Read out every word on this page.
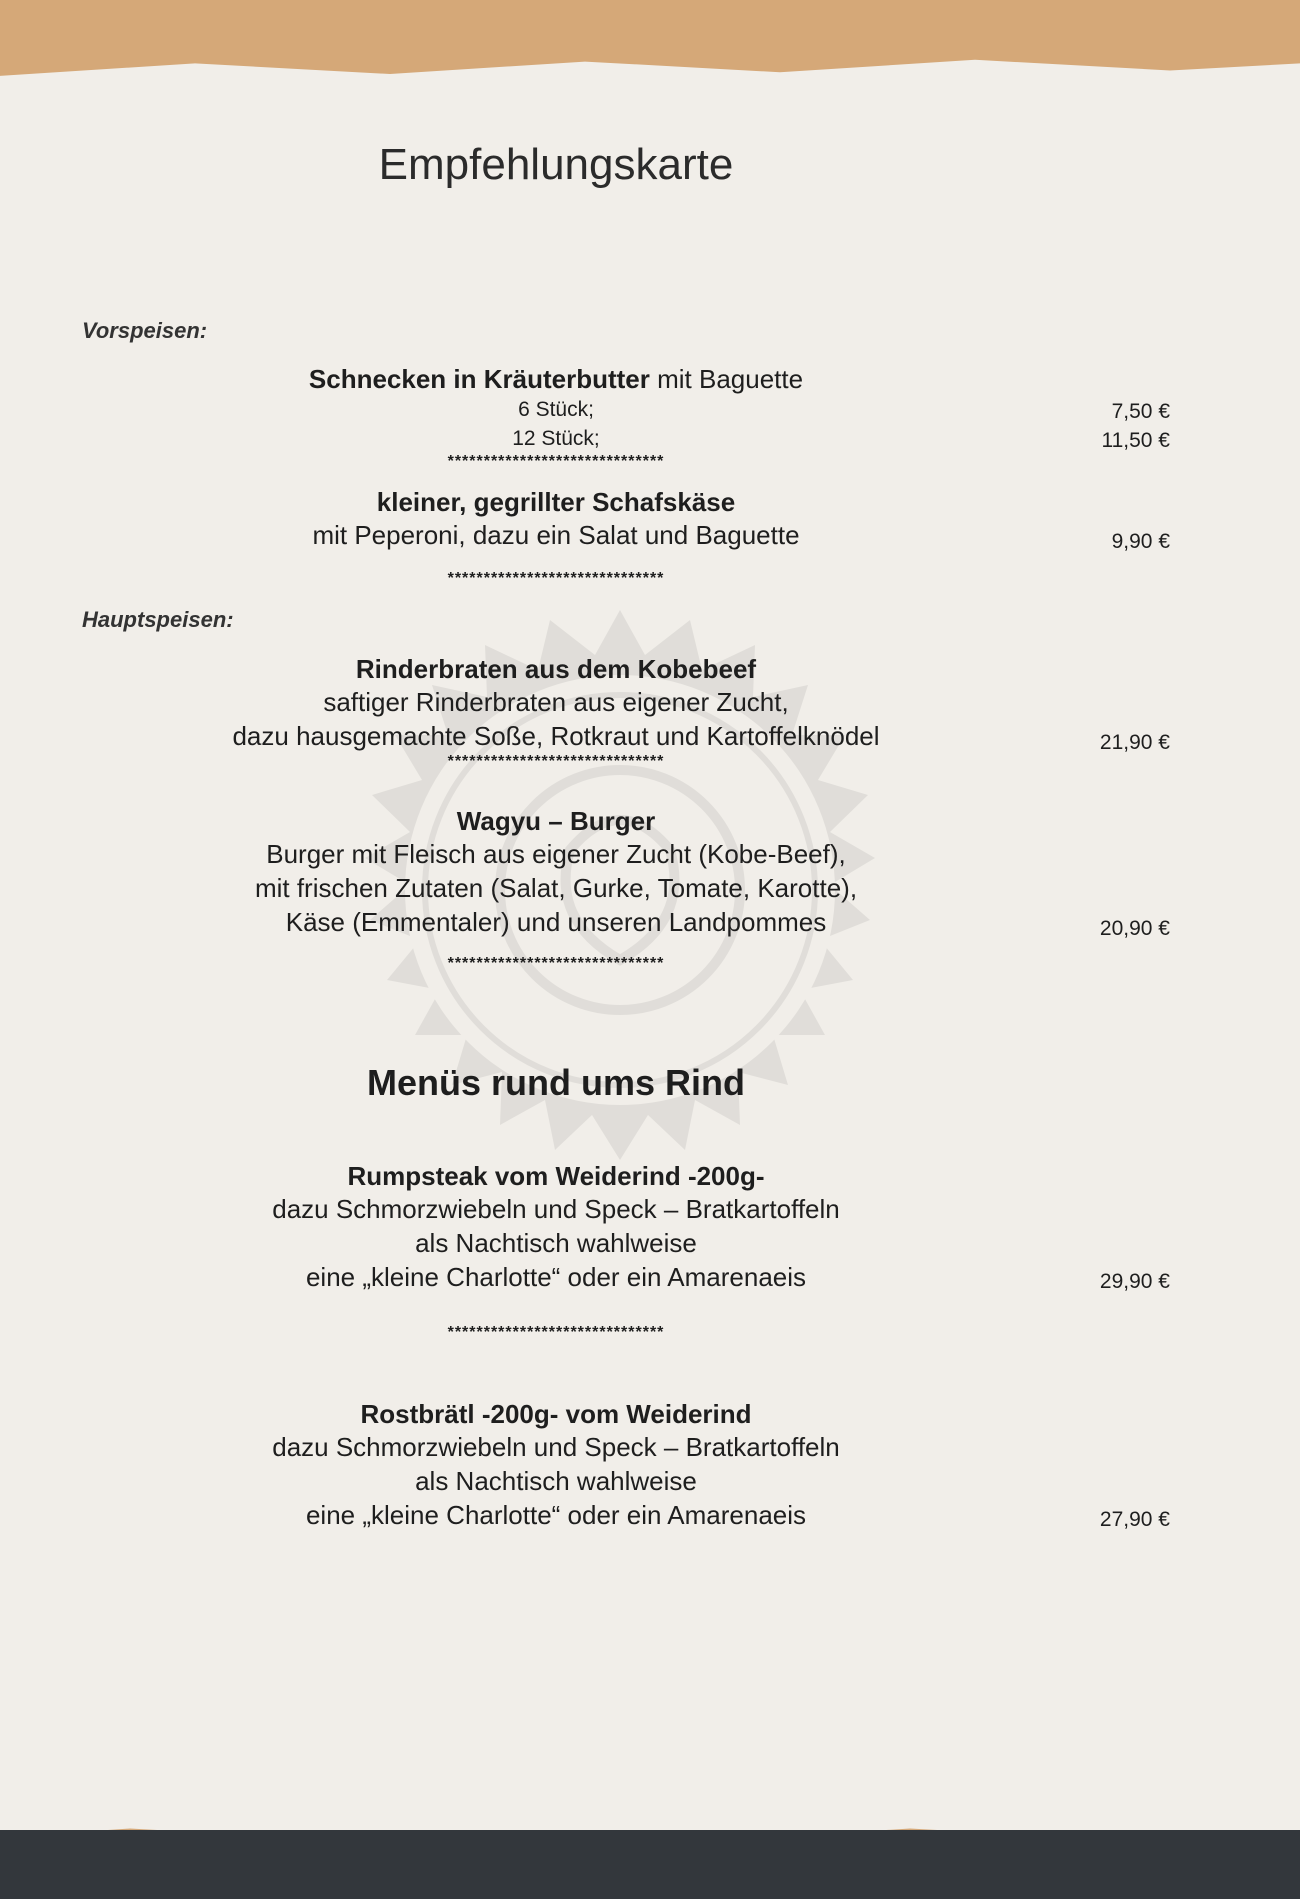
Empfehlungskarte
Vorspeisen:
Schnecken in Kräuterbutter mit Baguette
6 Stück;
12 Stück;
******************************
7,50 €
11,50 €
kleiner, gegrillter Schafskäse
mit Peperoni, dazu ein Salat und Baguette
******************************
9,90 €
Hauptspeisen:
Rinderbraten aus dem Kobebeef
saftiger Rinderbraten aus eigener Zucht,
dazu hausgemachte Soße, Rotkraut und Kartoffelknödel
******************************
21,90 €
Wagyu – Burger
Burger mit Fleisch aus eigener Zucht (Kobe-Beef),
mit frischen Zutaten (Salat, Gurke, Tomate, Karotte),
Käse (Emmentaler) und unseren Landpommes
******************************
20,90 €
Menüs rund ums Rind
Rumpsteak vom Weiderind -200g-
dazu Schmorzwiebeln und Speck – Bratkartoffeln
als Nachtisch wahlweise
eine „kleine Charlotte“ oder ein Amarenaeis
******************************
29,90 €
Rostbrätl -200g- vom Weiderind
dazu Schmorzwiebeln und Speck – Bratkartoffeln
als Nachtisch wahlweise
eine „kleine Charlotte“ oder ein Amarenaeis	27,90 €
